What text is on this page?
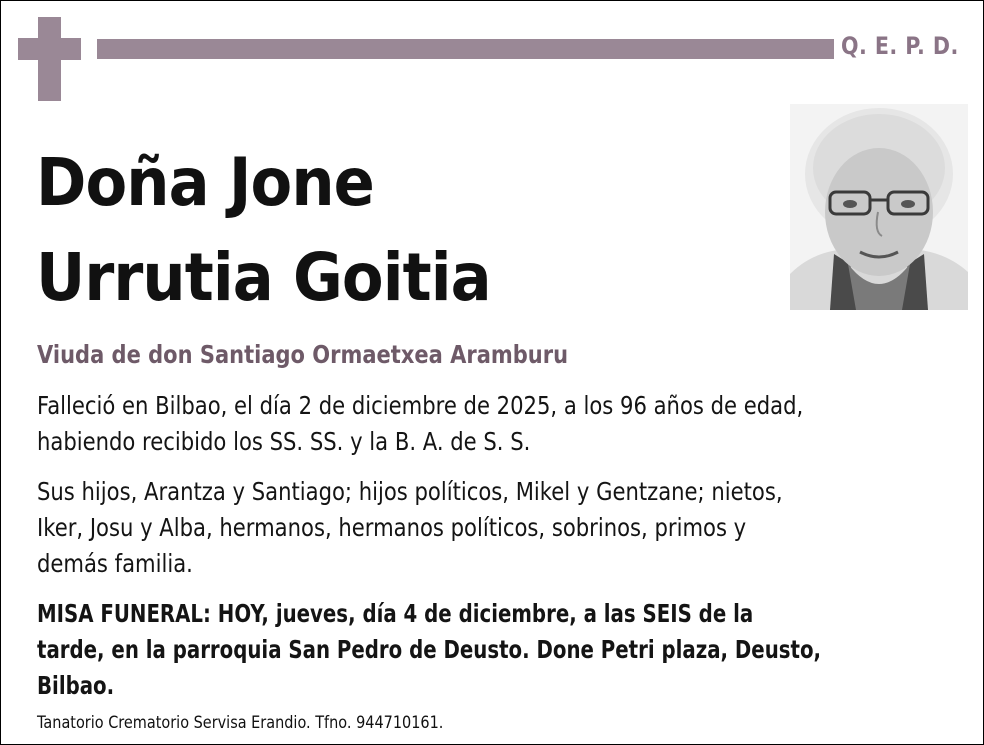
Q. E. P. D.
Doña Jone
Urrutia Goitia
Viuda de don Santiago Ormaetxea Aramburu
Falleció en Bilbao, el día 2 de diciembre de 2025, a los 96 años de edad,
habiendo recibido los SS. SS. y la B. A. de S. S.
Sus hijos, Arantza y Santiago; hijos políticos, Mikel y Gentzane; nietos,
Iker, Josu y Alba, hermanos, hermanos políticos, sobrinos, primos y
demás familia.
MISA FUNERAL: HOY, jueves, día 4 de diciembre, a las SEIS de la
tarde, en la parroquia San Pedro de Deusto. Done Petri plaza, Deusto,
Bilbao.
Tanatorio Crematorio Servisa Erandio. Tfno. 944710161.
